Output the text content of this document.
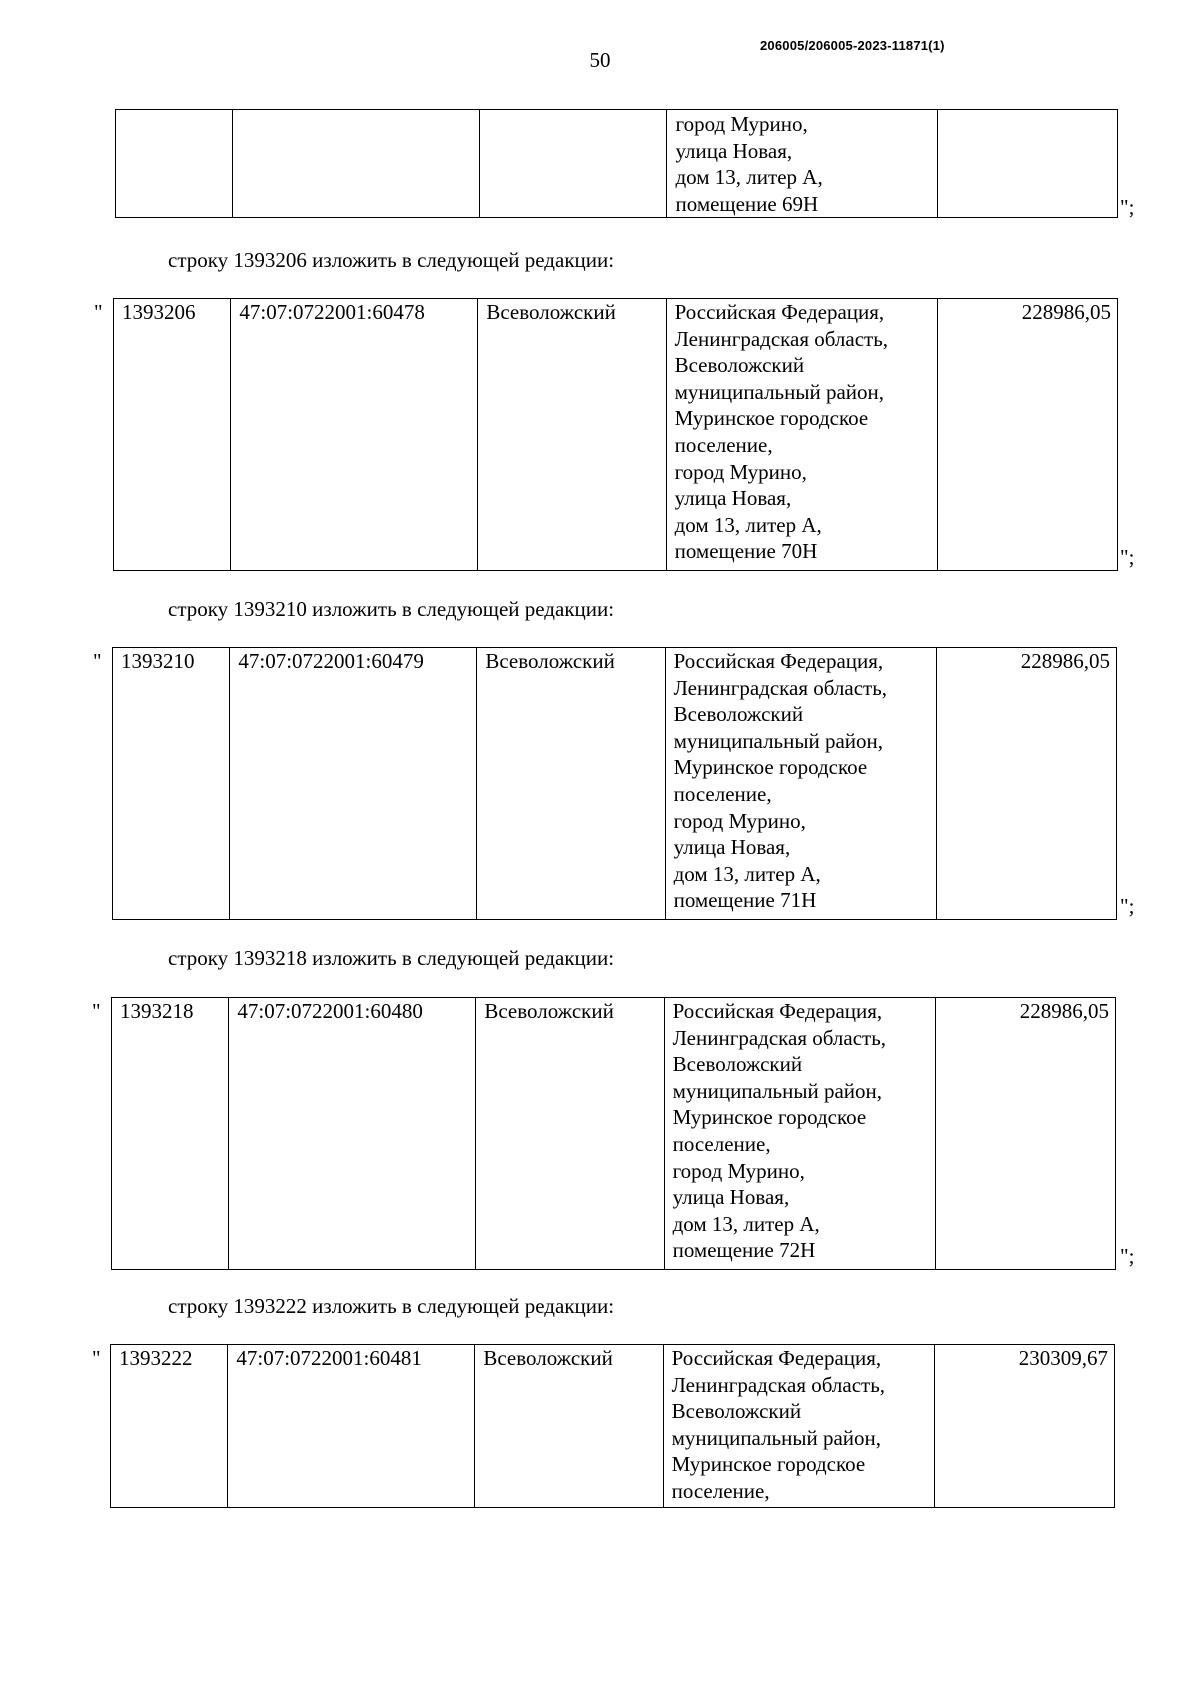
50
206005/206005-2023-11871(1)

город Мурино,
улица Новая,
дом 13, литер А,
помещение 69Н
		";
строку 1393206 изложить в следующей редакции:
" 1393206	47:07:0722001:60478	Всеволожский	Российская Федерация,
Ленинградская область,
Всеволожский
муниципальный район,
Муринское городское
поселение,
город Мурино,
улица Новая,
дом 13, литер А,
помещение 70Н
	228986,05
";
строку 1393210 изложить в следующей редакции:
" 1393210	47:07:0722001:60479	Всеволожский	Российская Федерация,
Ленинградская область,
Всеволожский
муниципальный район,
Муринское городское
поселение,
город Мурино,
улица Новая,
дом 13, литер А,
помещение 71Н
	228986,05
";
строку 1393218 изложить в следующей редакции:
" 1393218	47:07:0722001:60480	Всеволожский	Российская Федерация,
Ленинградская область,
Всеволожский
муниципальный район,
Муринское городское
поселение,
город Мурино,
улица Новая,
дом 13, литер А,
помещение 72Н
	228986,05
";
строку 1393222 изложить в следующей редакции:
" 1393222	47:07:0722001:60481	Всеволожский	Российская Федерация,
Ленинградская область,
Всеволожский
муниципальный район,
Муринское городское
поселение,
	230309,67
